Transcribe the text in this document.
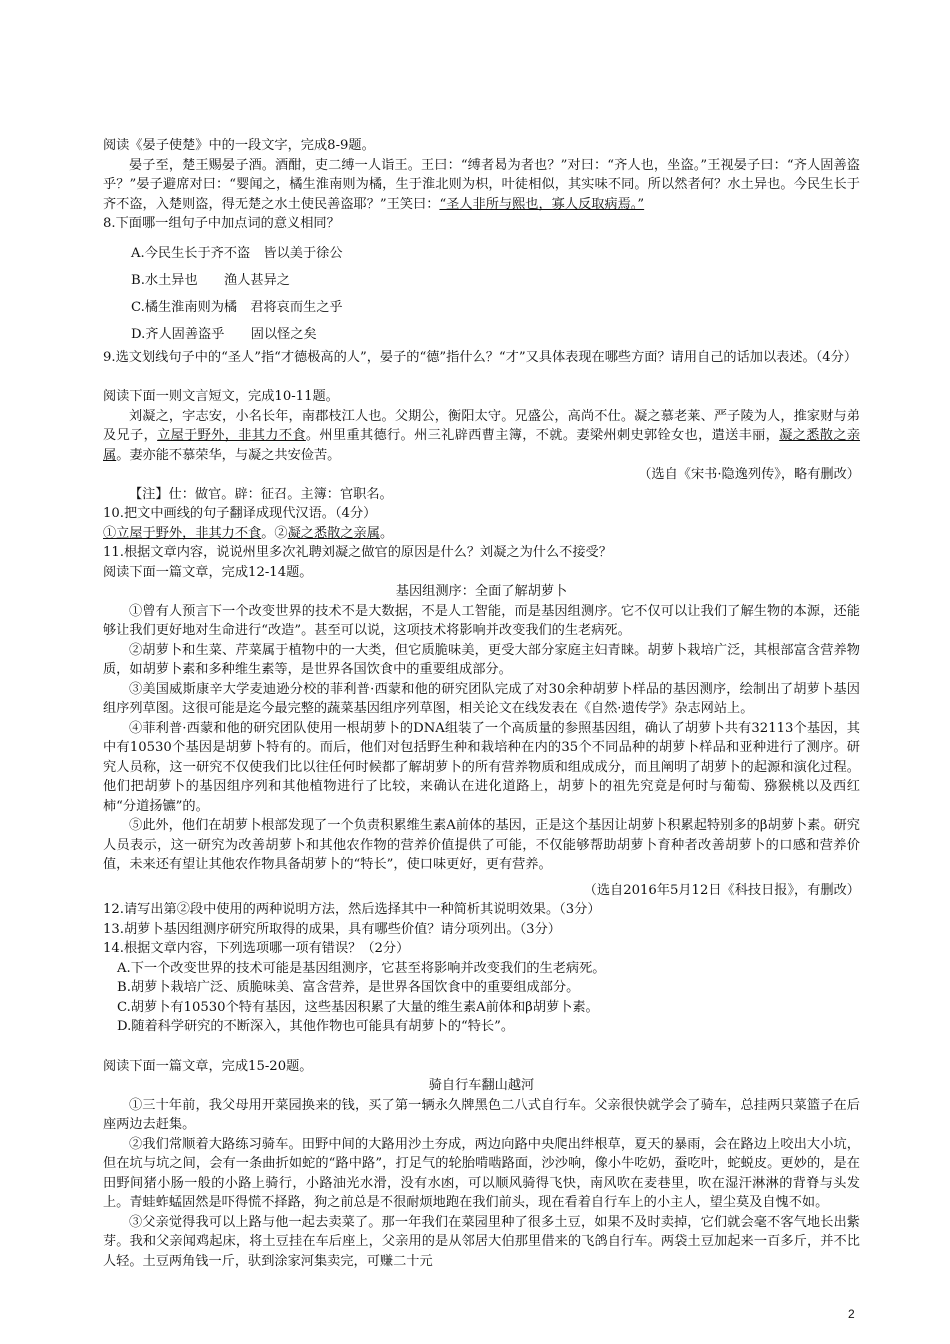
阅读《晏子使楚》中的一段文字，完成8-9题。

晏子至，楚王赐晏子酒。酒酣，吏二缚一人诣王。王曰：“缚者曷为者也？”对曰：“齐人也，坐盗。”王视晏子曰：“齐人固善盗乎？”晏子避席对曰：“婴闻之，橘生淮南则为橘，生于淮北则为枳，叶徒相似，其实味不同。所以然者何？水土异也。今民生长于齐不盗，入楚则盗，得无楚之水土使民善盗耶？”王笑曰：“圣人非所与熙也，寡人反取病焉。”

8.下面哪一组句子中加点词的意义相同？

A.今民生长于齐不盗　皆以美于徐公

B.水土异也　　渔人甚异之

C.橘生淮南则为橘　君将哀而生之乎

D.齐人固善盗乎　　固以怪之矣

9.选文划线句子中的“圣人”指“才德极高的人”，晏子的“德”指什么？“才”又具体表现在哪些方面？请用自己的话加以表述。（4分）

阅读下面一则文言短文，完成10-11题。

刘凝之，字志安，小名长年，南郡枝江人也。父期公，衡阳太守。兄盛公，高尚不仕。凝之慕老莱、严子陵为人，推家财与弟及兄子，立屋于野外，非其力不食。州里重其德行。州三礼辟西曹主簿，不就。妻梁州刺史郭铨女也，遣送丰丽，凝之悉散之亲属。妻亦能不慕荣华，与凝之共安俭苦。

（选自《宋书·隐逸列传》，略有删改）

【注】仕：做官。辟：征召。主簿：官职名。

10.把文中画线的句子翻译成现代汉语。（4分）

①立屋于野外，非其力不食。②凝之悉散之亲属。

11.根据文章内容，说说州里多次礼聘刘凝之做官的原因是什么？刘凝之为什么不接受？

阅读下面一篇文章，完成12-14题。

基因组测序：全面了解胡萝卜

①曾有人预言下一个改变世界的技术不是大数据，不是人工智能，而是基因组测序。它不仅可以让我们了解生物的本源，还能够让我们更好地对生命进行“改造”。甚至可以说，这项技术将影响并改变我们的生老病死。

②胡萝卜和生菜、芹菜属于植物中的一大类，但它质脆味美，更受大部分家庭主妇青睐。胡萝卜栽培广泛，其根部富含营养物质，如胡萝卜素和多种维生素等，是世界各国饮食中的重要组成部分。

③美国威斯康辛大学麦迪逊分校的菲利普·西蒙和他的研究团队完成了对30余种胡萝卜样品的基因测序，绘制出了胡萝卜基因组序列草图。这很可能是迄今最完整的蔬菜基因组序列草图，相关论文在线发表在《自然·遗传学》杂志网站上。

④菲利普·西蒙和他的研究团队使用一根胡萝卜的DNA组装了一个高质量的参照基因组，确认了胡萝卜共有32113个基因，其中有10530个基因是胡萝卜特有的。而后，他们对包括野生种和栽培种在内的35个不同品种的胡萝卜样品和亚种进行了测序。研究人员称，这一研究不仅使我们比以往任何时候都了解胡萝卜的所有营养物质和组成成分，而且阐明了胡萝卜的起源和演化过程。他们把胡萝卜的基因组序列和其他植物进行了比较，来确认在进化道路上，胡萝卜的祖先究竟是何时与葡萄、猕猴桃以及西红柿“分道扬镳”的。

⑤此外，他们在胡萝卜根部发现了一个负责积累维生素A前体的基因，正是这个基因让胡萝卜积累起特别多的β胡萝卜素。研究人员表示，这一研究为改善胡萝卜和其他农作物的营养价值提供了可能，不仅能够帮助胡萝卜育种者改善胡萝卜的口感和营养价值，未来还有望让其他农作物具备胡萝卜的“特长”，使口味更好，更有营养。

（选自2016年5月12日《科技日报》，有删改）

12.请写出第②段中使用的两种说明方法，然后选择其中一种简析其说明效果。（3分）

13.胡萝卜基因组测序研究所取得的成果，具有哪些价值？请分项列出。（3分）

14.根据文章内容，下列选项哪一项有错误？（2分）

A.下一个改变世界的技术可能是基因组测序，它甚至将影响并改变我们的生老病死。

B.胡萝卜栽培广泛、质脆味美、富含营养，是世界各国饮食中的重要组成部分。

C.胡萝卜有10530个特有基因，这些基因积累了大量的维生素A前体和β胡萝卜素。

D.随着科学研究的不断深入，其他作物也可能具有胡萝卜的“特长”。

阅读下面一篇文章，完成15-20题。

骑自行车翻山越河

①三十年前，我父母用开菜园换来的钱，买了第一辆永久牌黑色二八式自行车。父亲很快就学会了骑车，总挂两只菜篮子在后座两边去赶集。

②我们常顺着大路练习骑车。田野中间的大路用沙土夯成，两边向路中央爬出绊根草，夏天的暴雨，会在路边上咬出大小坑，但在坑与坑之间，会有一条曲折如蛇的“路中路”，打足气的轮胎啃啮路面，沙沙响，像小牛吃奶，蚕吃叶，蛇蜕皮。更妙的，是在田野间猪小肠一般的小路上骑行，小路油光水滑，没有水凼，可以顺风骑得飞快，南风吹在麦巷里，吹在湿汗淋淋的背脊与头发上。青蛙蚱蜢固然是吓得慌不择路，狗之前总是不很耐烦地跑在我们前头，现在看着自行车上的小主人，望尘莫及自愧不如。

③父亲觉得我可以上路与他一起去卖菜了。那一年我们在菜园里种了很多土豆，如果不及时卖掉，它们就会毫不客气地长出紫芽。我和父亲闻鸡起床，将土豆挂在车后座上，父亲用的是从邻居大伯那里借来的飞鸽自行车。两袋土豆加起来一百多斤，并不比人轻。土豆两角钱一斤，驮到涂家河集卖完，可赚二十元

2
